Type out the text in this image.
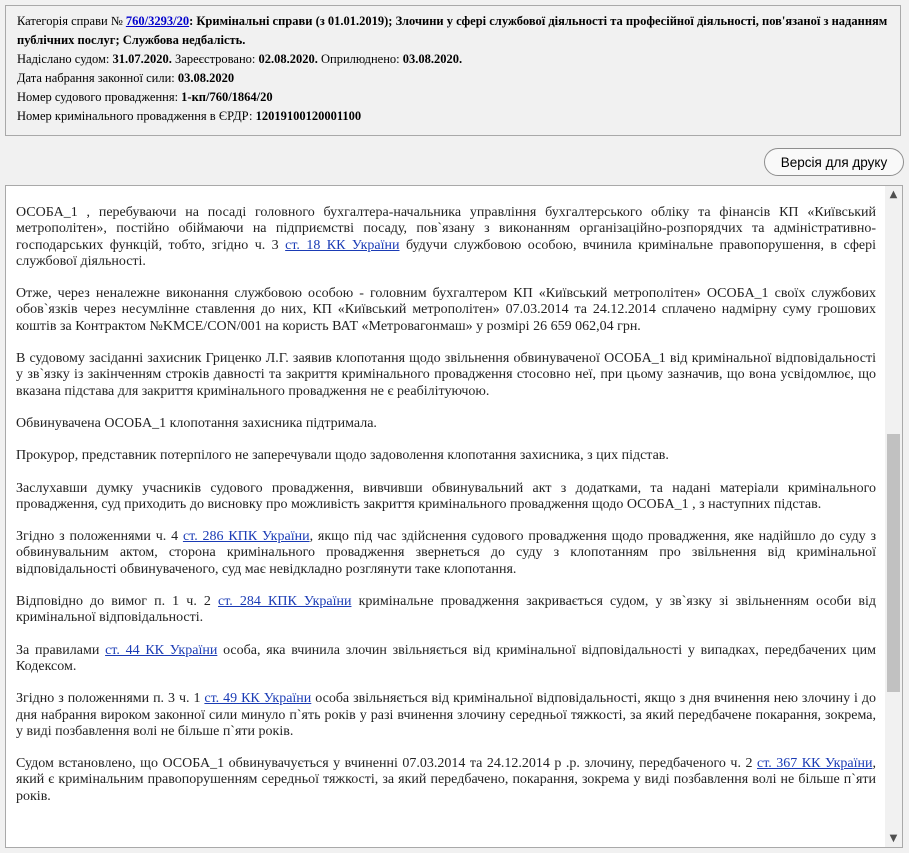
Категорія справи № 760/3293/20: Кримінальні справи (з 01.01.2019); Злочини у сфері службової діяльності та професійної діяльності, пов'язаної з наданням публічних послуг; Службова недбалість.

Надіслано судом: 31.07.2020. Зареєстровано: 02.08.2020. Оприлюднено: 03.08.2020.

Дата набрання законної сили: 03.08.2020

Номер судового провадження: 1-кп/760/1864/20

Номер кримінального провадження в ЄРДР: 12019100120001100

Версія для друку

ОСОБА_1 , перебуваючи на посаді головного бухгалтера-начальника управління бухгалтерського обліку та фінансів КП «Київський метрополітен», постійно обіймаючи на підприємстві посаду, пов`язану з виконанням організаційно-розпорядчих та адміністративно-господарських функцій, тобто, згідно ч. 3 ст. 18 КК України будучи службовою особою, вчинила кримінальне правопорушення, в сфері службової діяльності.

Отже, через неналежне виконання службовою особою - головним бухгалтером КП «Київський метрополітен» ОСОБА_1 своїх службових обов`язків через несумлінне ставлення до них, КП «Київський метрополітен» 07.03.2014 та 24.12.2014 сплачено надмірну суму грошових коштів за Контрактом №KMCE/CON/001 на користь ВАТ «Метровагонмаш» у розмірі 26 659 062,04 грн.

В судовому засіданні захисник Гриценко Л.Г. заявив клопотання щодо звільнення обвинуваченої ОСОБА_1 від кримінальної відповідальності у зв`язку із закінченням строків давності та закриття кримінального провадження стосовно неї, при цьому зазначив, що вона усвідомлює, що вказана підстава для закриття кримінального провадження не є реабілітуючою.

Обвинувачена ОСОБА_1 клопотання захисника підтримала.

Прокурор, представник потерпілого не заперечували щодо задоволення клопотання захисника, з цих підстав.

Заслухавши думку учасників судового провадження, вивчивши обвинувальний акт з додатками, та надані матеріали кримінального провадження, суд приходить до висновку про можливість закриття кримінального провадження щодо ОСОБА_1 , з наступних підстав.

Згідно з положеннями ч. 4 ст. 286 КПК України, якщо під час здійснення судового провадження щодо провадження, яке надійшло до суду з обвинувальним актом, сторона кримінального провадження звернеться до суду з клопотанням про звільнення від кримінальної відповідальності обвинуваченого, суд має невідкладно розглянути таке клопотання.

Відповідно до вимог п. 1 ч. 2 ст. 284 КПК України кримінальне провадження закривається судом, у зв`язку зі звільненням особи від кримінальної відповідальності.

За правилами ст. 44 КК України особа, яка вчинила злочин звільняється від кримінальної відповідальності у випадках, передбачених цим Кодексом.

Згідно з положеннями п. 3 ч. 1 ст. 49 КК України особа звільняється від кримінальної відповідальності, якщо з дня вчинення нею злочину і до дня набрання вироком законної сили минуло п`ять років у разі вчинення злочину середньої тяжкості, за який передбачене покарання, зокрема, у виді позбавлення волі не більше п`яти років.

Судом встановлено, що ОСОБА_1 обвинувачується у вчиненні 07.03.2014 та 24.12.2014 р .р. злочину, передбаченого ч. 2 ст. 367 КК України, який є кримінальним правопорушенням середньої тяжкості, за який передбачено, покарання, зокрема у виді позбавлення волі не більше п`яти років.

▲
▼
